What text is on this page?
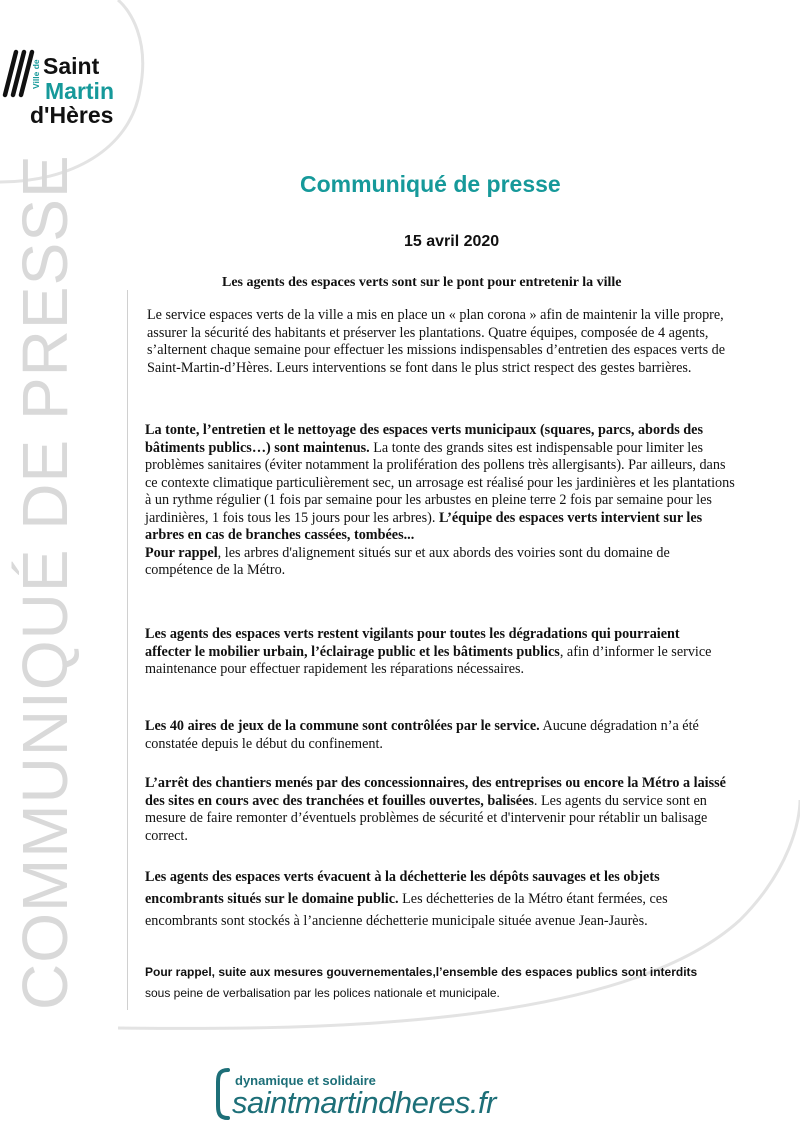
Ville de Saint
Martin
d'Hères
COMMUNIQUÉ DE PRESSE	Communiqué de presse
15 avril 2020
Les agents des espaces verts sont sur le pont pour entretenir la ville

Le service espaces verts de la ville a mis en place un « plan corona » afin de maintenir la ville propre, assurer la sécurité des habitants et préserver les plantations. Quatre équipes, composée de 4 agents, s’alternent chaque semaine pour effectuer les missions indispensables d’entretien des espaces verts de Saint-Martin-d’Hères. Leurs interventions se font dans le plus strict respect des gestes barrières.

La tonte, l’entretien et le nettoyage des espaces verts municipaux (squares, parcs, abords des bâtiments publics…) sont maintenus. La tonte des grands sites est indispensable pour limiter les problèmes sanitaires (éviter notamment la prolifération des pollens très allergisants). Par ailleurs, dans ce contexte climatique particulièrement sec, un arrosage est réalisé pour les jardinières et les plantations à un rythme régulier (1 fois par semaine pour les arbustes en pleine terre 2 fois par semaine pour les jardinières, 1 fois tous les 15 jours pour les arbres). L’équipe des espaces verts intervient sur les arbres en cas de branches cassées, tombées...
Pour rappel, les arbres d'alignement situés sur et aux abords des voiries sont du domaine de compétence de la Métro.

Les agents des espaces verts restent vigilants pour toutes les dégradations qui pourraient affecter le mobilier urbain, l’éclairage public et les bâtiments publics, afin d’informer le service maintenance pour effectuer rapidement les réparations nécessaires.

Les 40 aires de jeux de la commune sont contrôlées par le service. Aucune dégradation n’a été constatée depuis le début du confinement.

L’arrêt des chantiers menés par des concessionnaires, des entreprises ou encore la Métro a laissé des sites en cours avec des tranchées et fouilles ouvertes, balisées. Les agents du service sont en mesure de faire remonter d’éventuels problèmes de sécurité et d'intervenir pour rétablir un balisage correct.

Les agents des espaces verts évacuent à la déchetterie les dépôts sauvages et les objets encombrants situés sur le domaine public. Les déchetteries de la Métro étant fermées, ces encombrants sont stockés à l’ancienne déchetterie municipale située avenue Jean-Jaurès.

Pour rappel, suite aux mesures gouvernementales,l’ensemble des espaces publics sont interdits sous peine de verbalisation par les polices nationale et municipale.
dynamique et solidaire
saintmartindheres.fr
